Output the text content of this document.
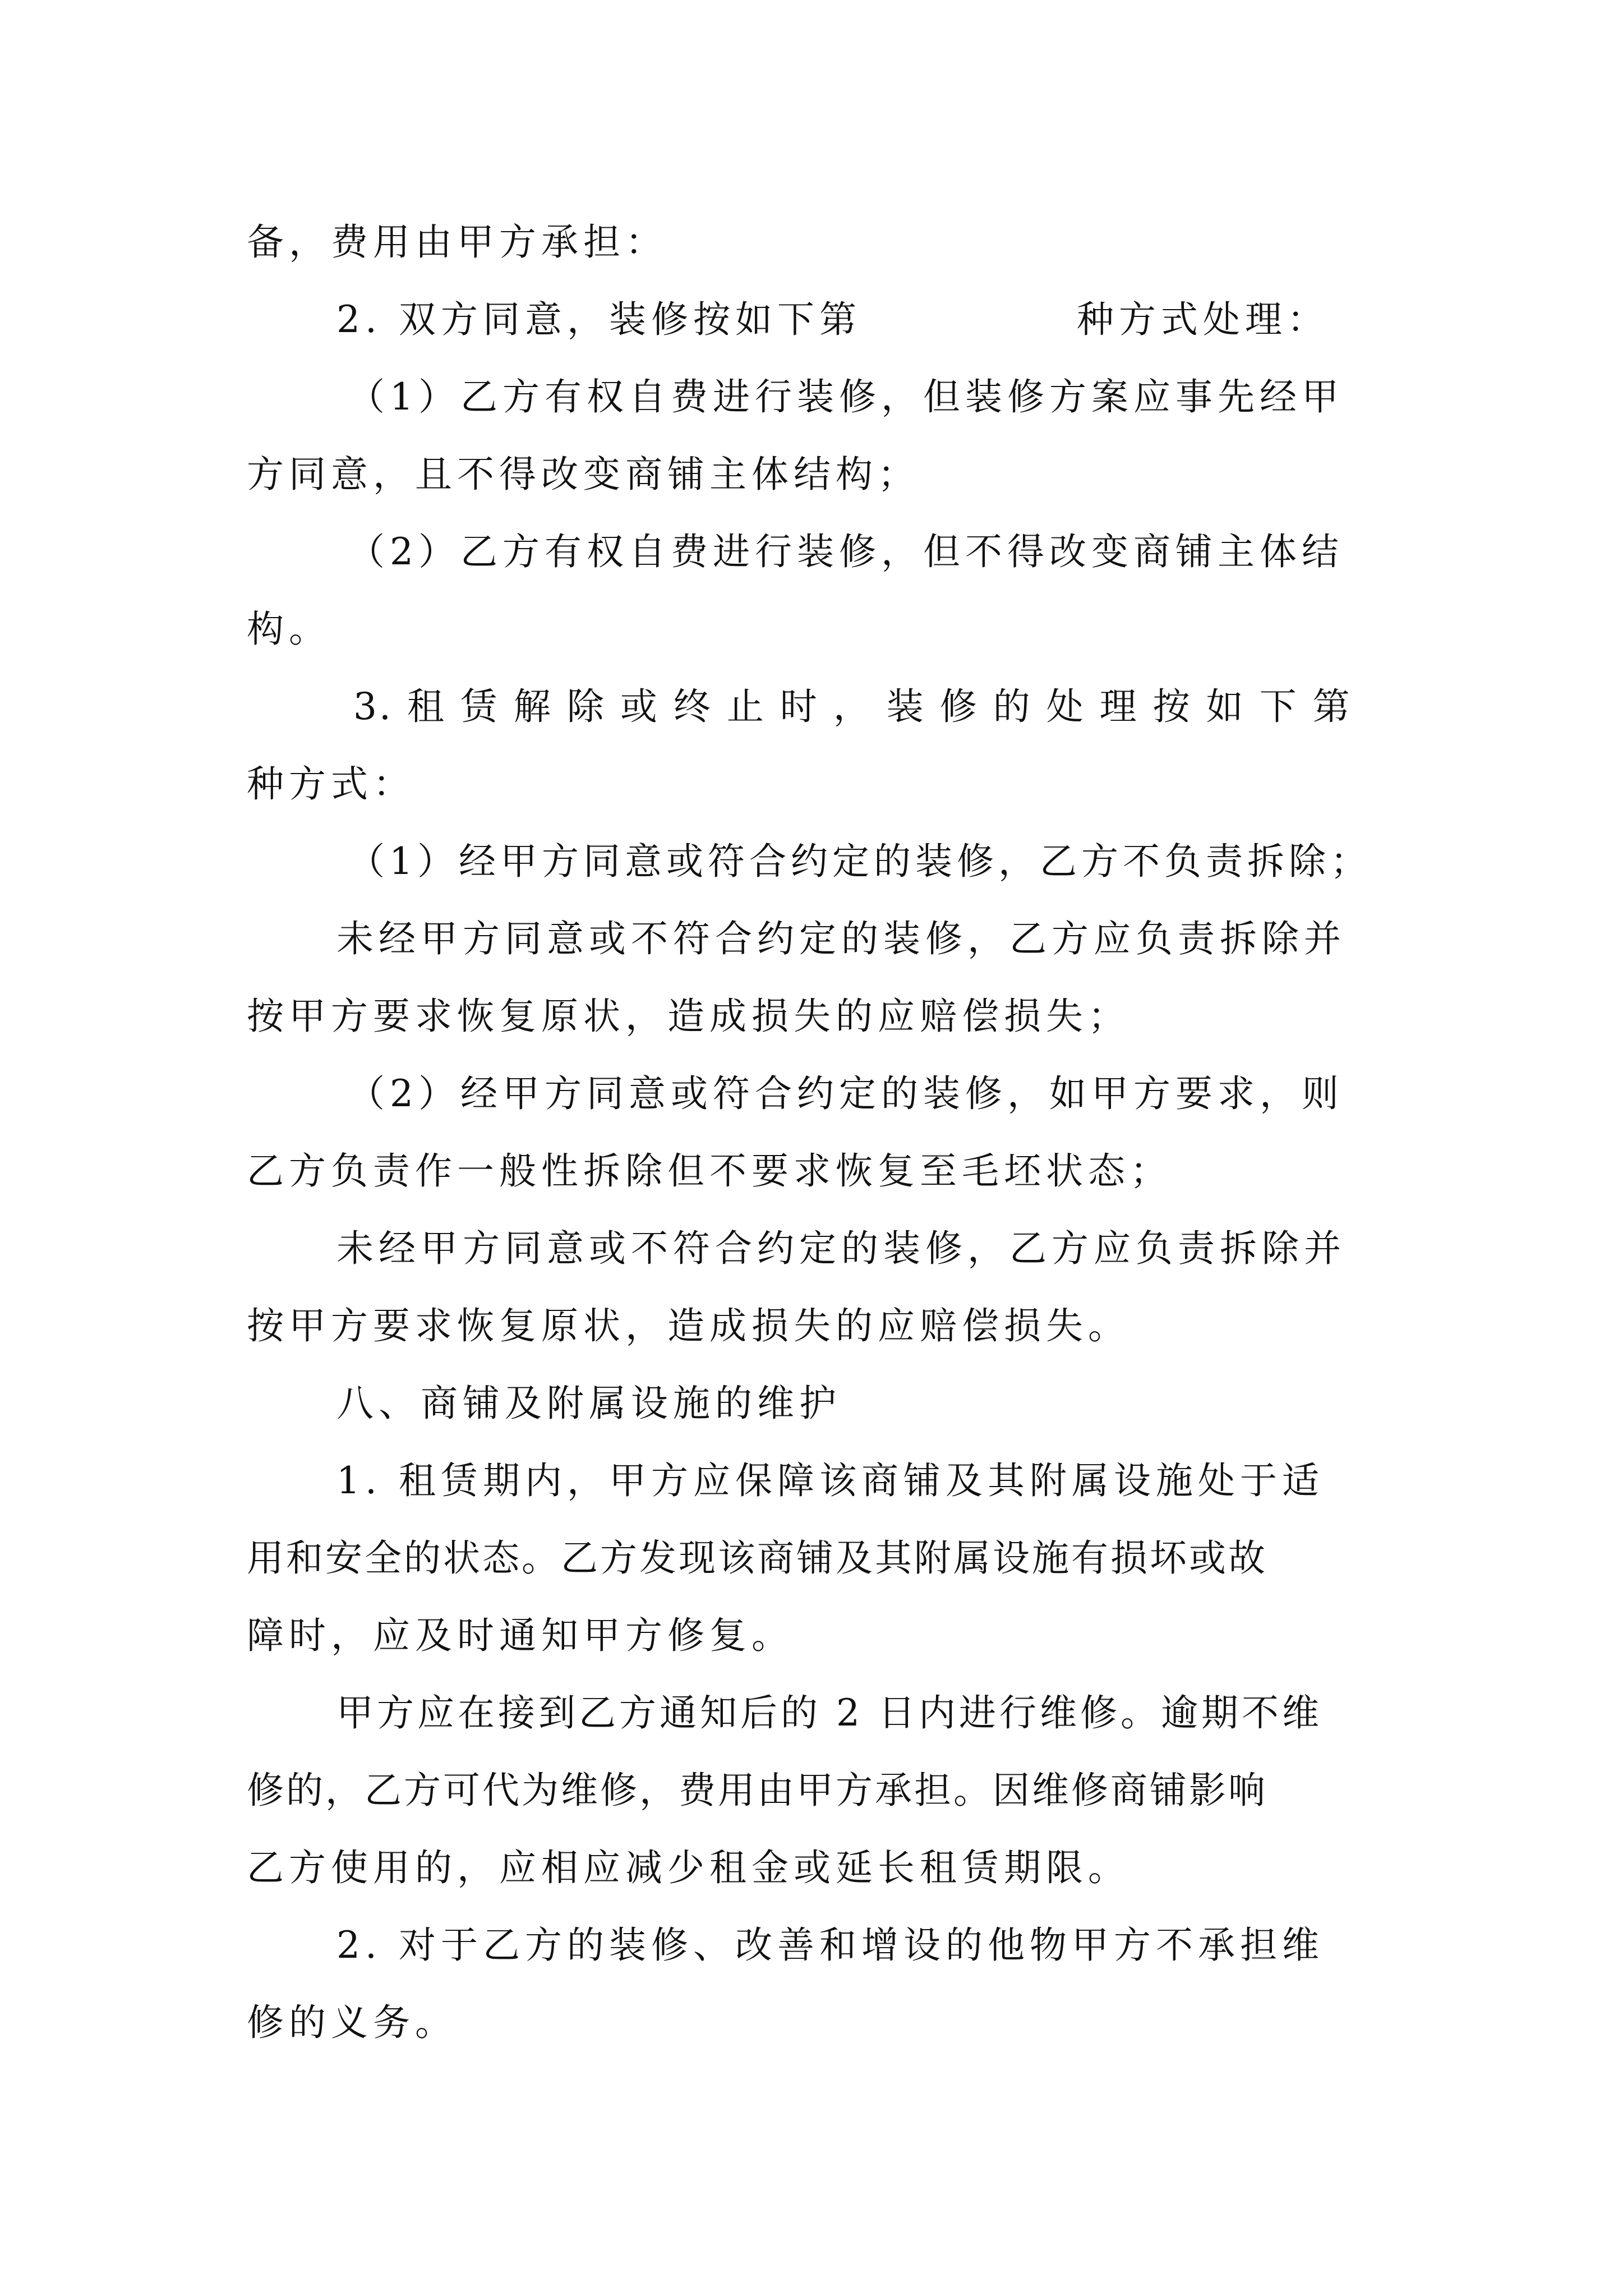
备，费用由甲方承担：
2. 双方同意，装修按如下第	种方式处理：
（1）乙方有权自费进行装修，但装修方案应事先经甲
方同意，且不得改变商铺主体结构；
（2）乙方有权自费进行装修，但不得改变商铺主体结
构。
3. 租 赁 解 除 或 终 止 时 ， 装 修 的 处 理 按 如 下 第
种方式：
（1）经甲方同意或符合约定的装修，乙方不负责拆除；
未经甲方同意或不符合约定的装修，乙方应负责拆除并
按甲方要求恢复原状，造成损失的应赔偿损失；
（2）经甲方同意或符合约定的装修，如甲方要求，则
乙方负责作一般性拆除但不要求恢复至毛坯状态；
未经甲方同意或不符合约定的装修，乙方应负责拆除并
按甲方要求恢复原状，造成损失的应赔偿损失。
八、商铺及附属设施的维护
1. 租赁期内，甲方应保障该商铺及其附属设施处于适
用和安全的状态。乙方发现该商铺及其附属设施有损坏或故
障时，应及时通知甲方修复。
甲方应在接到乙方通知后的 2 日内进行维修。逾期不维
修的，乙方可代为维修，费用由甲方承担。因维修商铺影响
乙方使用的，应相应减少租金或延长租赁期限。
2. 对于乙方的装修、改善和增设的他物甲方不承担维
修的义务。
